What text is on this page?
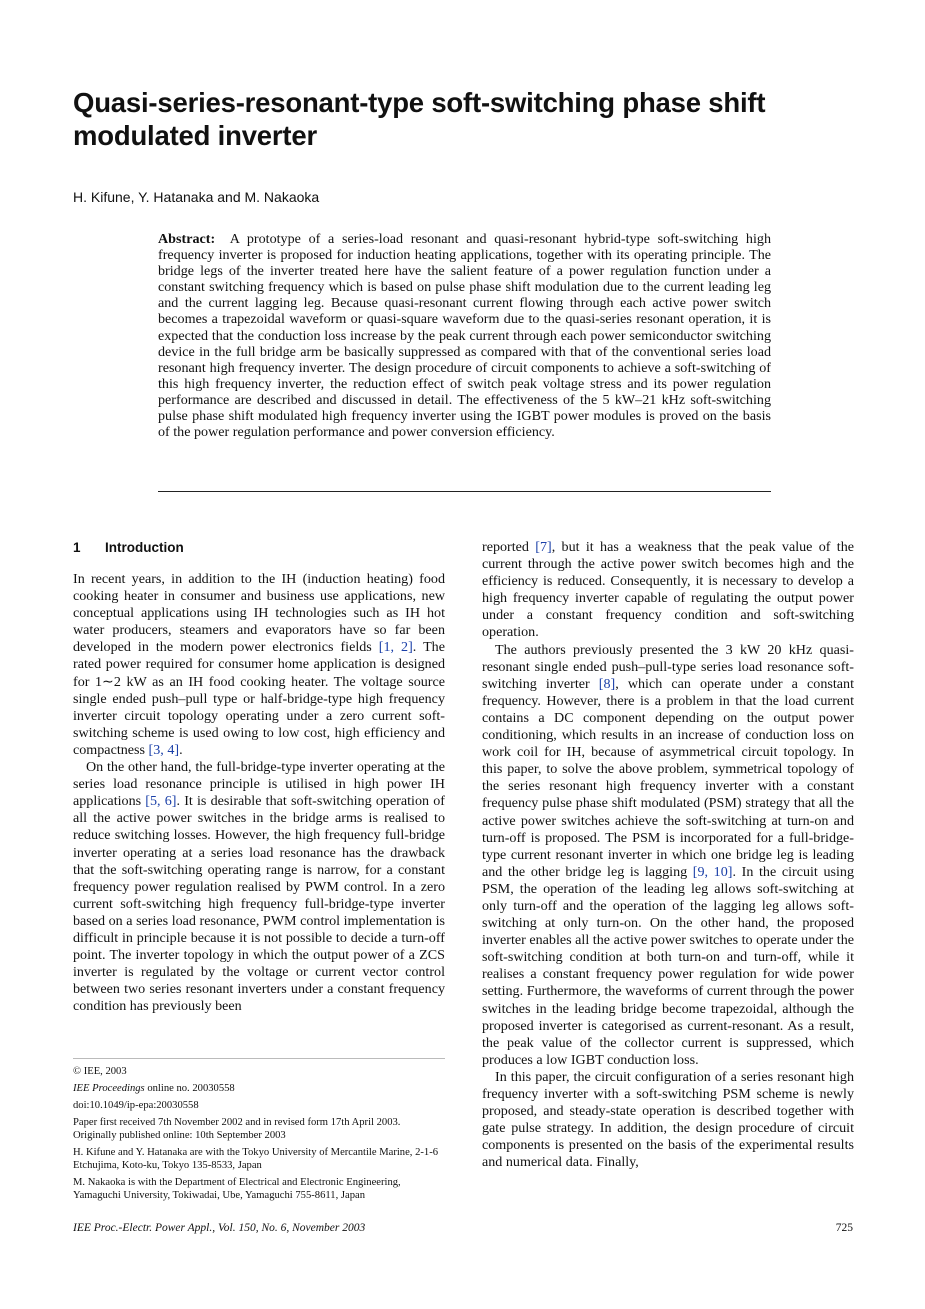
Quasi-series-resonant-type soft-switching phase shift modulated inverter

H. Kifune, Y. Hatanaka and M. Nakaoka

Abstract: A prototype of a series-load resonant and quasi-resonant hybrid-type soft-switching high frequency inverter is proposed for induction heating applications, together with its operating principle. The bridge legs of the inverter treated here have the salient feature of a power regulation function under a constant switching frequency which is based on pulse phase shift modulation due to the current leading leg and the current lagging leg. Because quasi-resonant current flowing through each active power switch becomes a trapezoidal waveform or quasi-square waveform due to the quasi-series resonant operation, it is expected that the conduction loss increase by the peak current through each power semiconductor switching device in the full bridge arm be basically suppressed as compared with that of the conventional series load resonant high frequency inverter. The design procedure of circuit components to achieve a soft-switching of this high frequency inverter, the reduction effect of switch peak voltage stress and its power regulation performance are described and discussed in detail. The effectiveness of the 5 kW–21 kHz soft-switching pulse phase shift modulated high frequency inverter using the IGBT power modules is proved on the basis of the power regulation performance and power conversion efficiency.

1 Introduction

In recent years, in addition to the IH (induction heating) food cooking heater in consumer and business use applications, new conceptual applications using IH technologies such as IH hot water producers, steamers and evaporators have so far been developed in the modern power electronics fields [1, 2]. The rated power required for consumer home application is designed for 1∼2 kW as an IH food cooking heater. The voltage source single ended push–pull type or half-bridge-type high frequency inverter circuit topology operating under a zero current soft-switching scheme is used owing to low cost, high efficiency and compactness [3, 4].

On the other hand, the full-bridge-type inverter operating at the series load resonance principle is utilised in high power IH applications [5, 6]. It is desirable that soft-switching operation of all the active power switches in the bridge arms is realised to reduce switching losses. However, the high frequency full-bridge inverter operating at a series load resonance has the drawback that the soft-switching operating range is narrow, for a constant frequency power regulation realised by PWM control. In a zero current soft-switching high frequency full-bridge-type inverter based on a series load resonance, PWM control implementation is difficult in principle because it is not possible to decide a turn-off point. The inverter topology in which the output power of a ZCS inverter is regulated by the voltage or current vector control between two series resonant inverters under a constant frequency condition has previously been

© IEE, 2003

IEE Proceedings online no. 20030558

doi:10.1049/ip-epa:20030558

Paper first received 7th November 2002 and in revised form 17th April 2003. Originally published online: 10th September 2003

H. Kifune and Y. Hatanaka are with the Tokyo University of Mercantile Marine, 2-1-6 Etchujima, Koto-ku, Tokyo 135-8533, Japan

M. Nakaoka is with the Department of Electrical and Electronic Engineering, Yamaguchi University, Tokiwadai, Ube, Yamaguchi 755-8611, Japan

reported [7], but it has a weakness that the peak value of the current through the active power switch becomes high and the efficiency is reduced. Consequently, it is necessary to develop a high frequency inverter capable of regulating the output power under a constant frequency condition and soft-switching operation.

The authors previously presented the 3 kW 20 kHz quasi-resonant single ended push–pull-type series load resonance soft-switching inverter [8], which can operate under a constant frequency. However, there is a problem in that the load current contains a DC component depending on the output power conditioning, which results in an increase of conduction loss on work coil for IH, because of asymmetrical circuit topology. In this paper, to solve the above problem, symmetrical topology of the series resonant high frequency inverter with a constant frequency pulse phase shift modulated (PSM) strategy that all the active power switches achieve the soft-switching at turn-on and turn-off is proposed. The PSM is incorporated for a full-bridge-type current resonant inverter in which one bridge leg is leading and the other bridge leg is lagging [9, 10]. In the circuit using PSM, the operation of the leading leg allows soft-switching at only turn-off and the operation of the lagging leg allows soft-switching at only turn-on. On the other hand, the proposed inverter enables all the active power switches to operate under the soft-switching condition at both turn-on and turn-off, while it realises a constant frequency power regulation for wide power setting. Furthermore, the waveforms of current through the power switches in the leading bridge become trapezoidal, although the proposed inverter is categorised as current-resonant. As a result, the peak value of the collector current is suppressed, which produces a low IGBT conduction loss.

In this paper, the circuit configuration of a series resonant high frequency inverter with a soft-switching PSM scheme is newly proposed, and steady-state operation is described together with gate pulse strategy. In addition, the design procedure of circuit components is presented on the basis of the experimental results and numerical data. Finally,

IEE Proc.-Electr. Power Appl., Vol. 150, No. 6, November 2003	725
